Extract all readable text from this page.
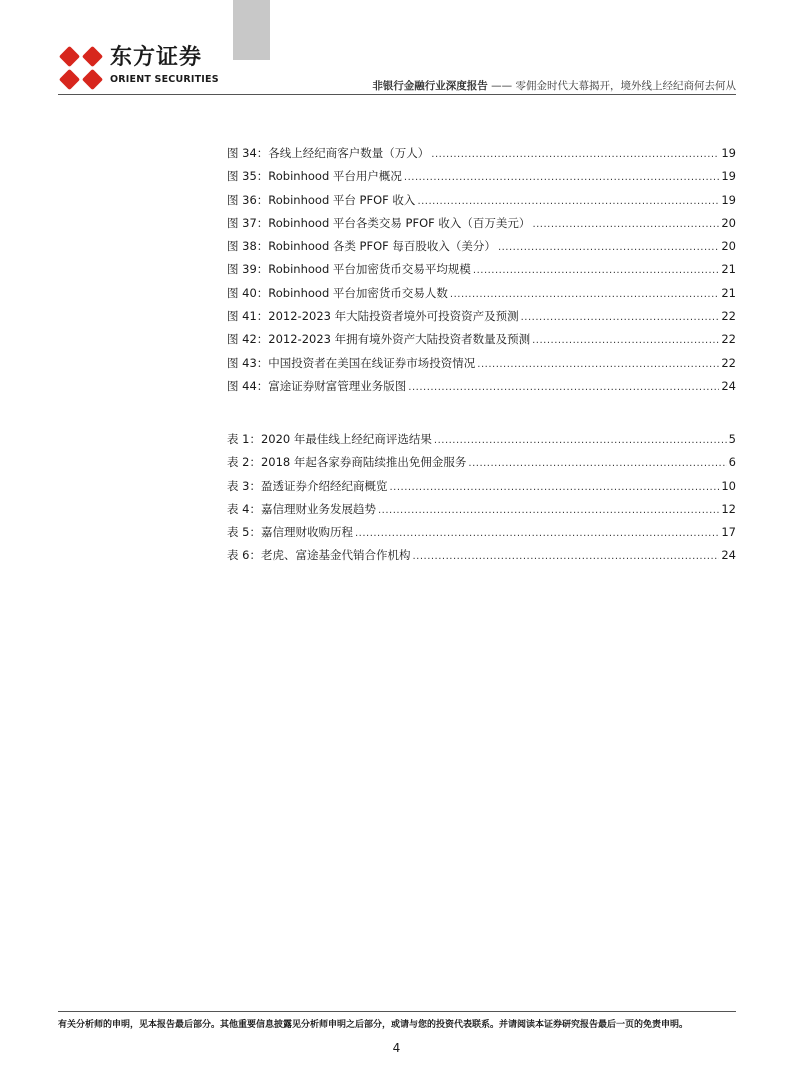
东方证券
ORIENT SECURITIES
非银行金融行业深度报告 —— 零佣金时代大幕揭开，境外线上经纪商何去何从
图 34：各线上经纪商客户数量（万人） .....	19
图 35：Robinhood 平台用户概况 .....	19
图 36：Robinhood 平台 PFOF 收入 .....	19
图 37：Robinhood 平台各类交易 PFOF 收入（百万美元） .....	20
图 38：Robinhood 各类 PFOF 每百股收入（美分） .....	20
图 39：Robinhood 平台加密货币交易平均规模 .....	21
图 40：Robinhood 平台加密货币交易人数 .....	21
图 41：2012-2023 年大陆投资者境外可投资资产及预测 .....	22
图 42：2012-2023 年拥有境外资产大陆投资者数量及预测 .....	22
图 43：中国投资者在美国在线证券市场投资情况 .....	22
图 44：富途证券财富管理业务版图 .....	24
表 1：2020 年最佳线上经纪商评选结果 .....	5
表 2：2018 年起各家券商陆续推出免佣金服务 .....	6
表 3：盈透证券介绍经纪商概览 .....	10
表 4：嘉信理财业务发展趋势 .....	12
表 5：嘉信理财收购历程 .....	17
表 6：老虎、富途基金代销合作机构 .....	24
有关分析师的申明，见本报告最后部分。其他重要信息披露见分析师申明之后部分，或请与您的投资代表联系。并请阅读本证券研究报告最后一页的免责申明。
4
